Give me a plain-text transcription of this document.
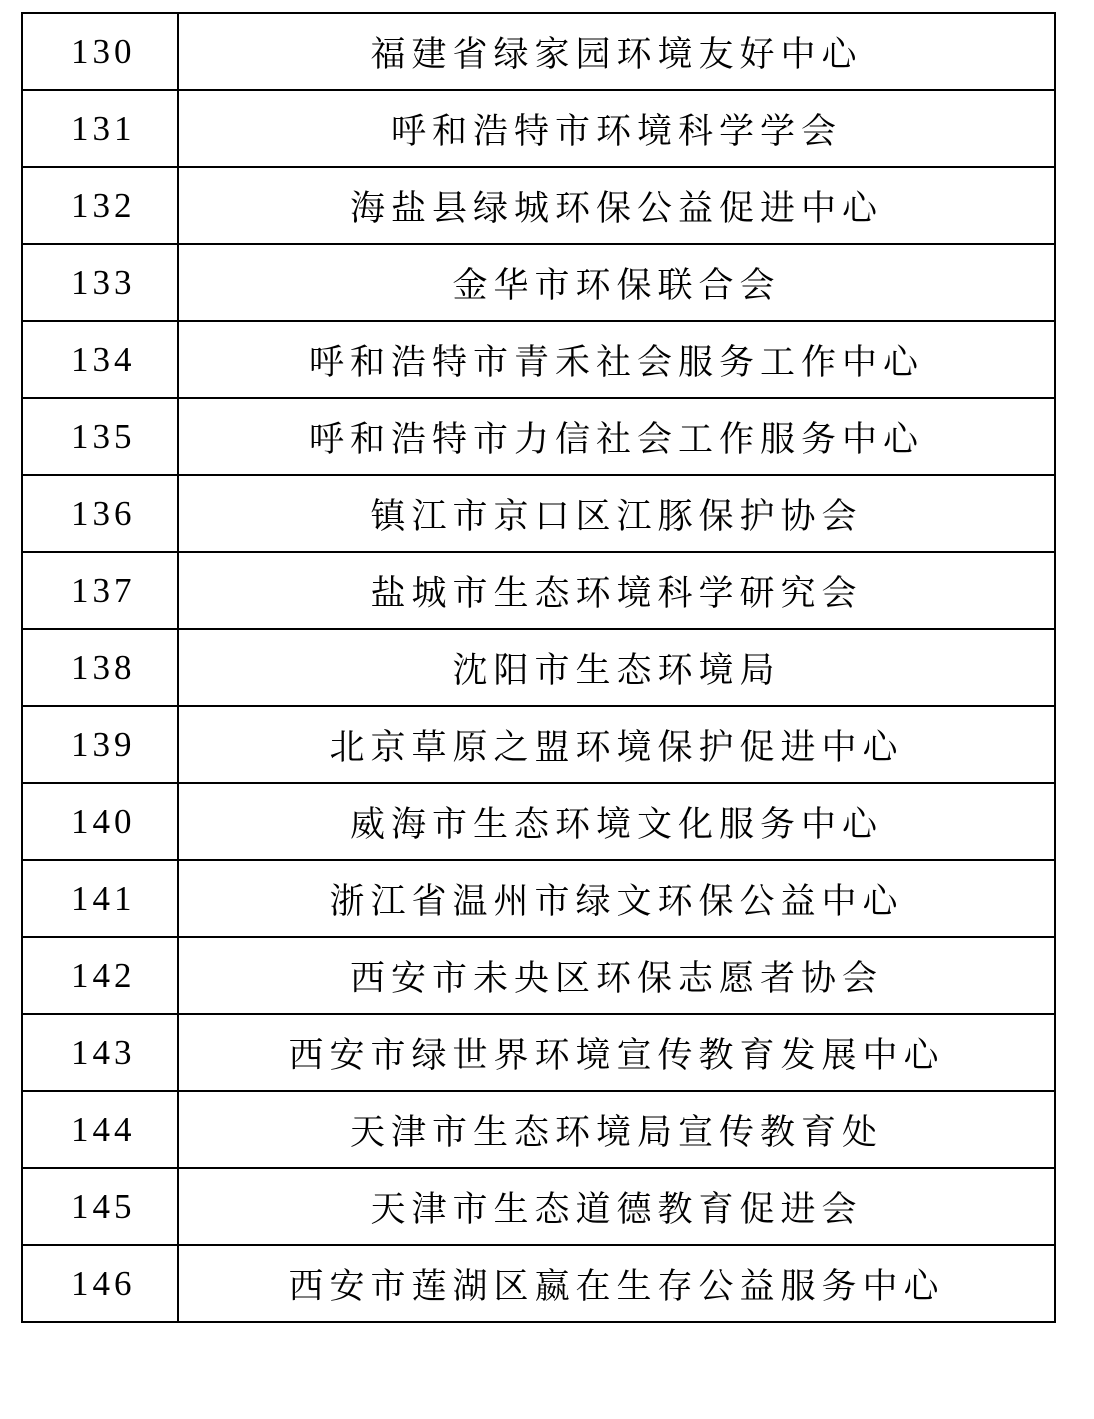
130	福建省绿家园环境友好中心
131	呼和浩特市环境科学学会
132	海盐县绿城环保公益促进中心
133	金华市环保联合会
134	呼和浩特市青禾社会服务工作中心
135	呼和浩特市力信社会工作服务中心
136	镇江市京口区江豚保护协会
137	盐城市生态环境科学研究会
138	沈阳市生态环境局
139	北京草原之盟环境保护促进中心
140	威海市生态环境文化服务中心
141	浙江省温州市绿文环保公益中心
142	西安市未央区环保志愿者协会
143	西安市绿世界环境宣传教育发展中心
144	天津市生态环境局宣传教育处
145	天津市生态道德教育促进会
146	西安市莲湖区嬴在生存公益服务中心
